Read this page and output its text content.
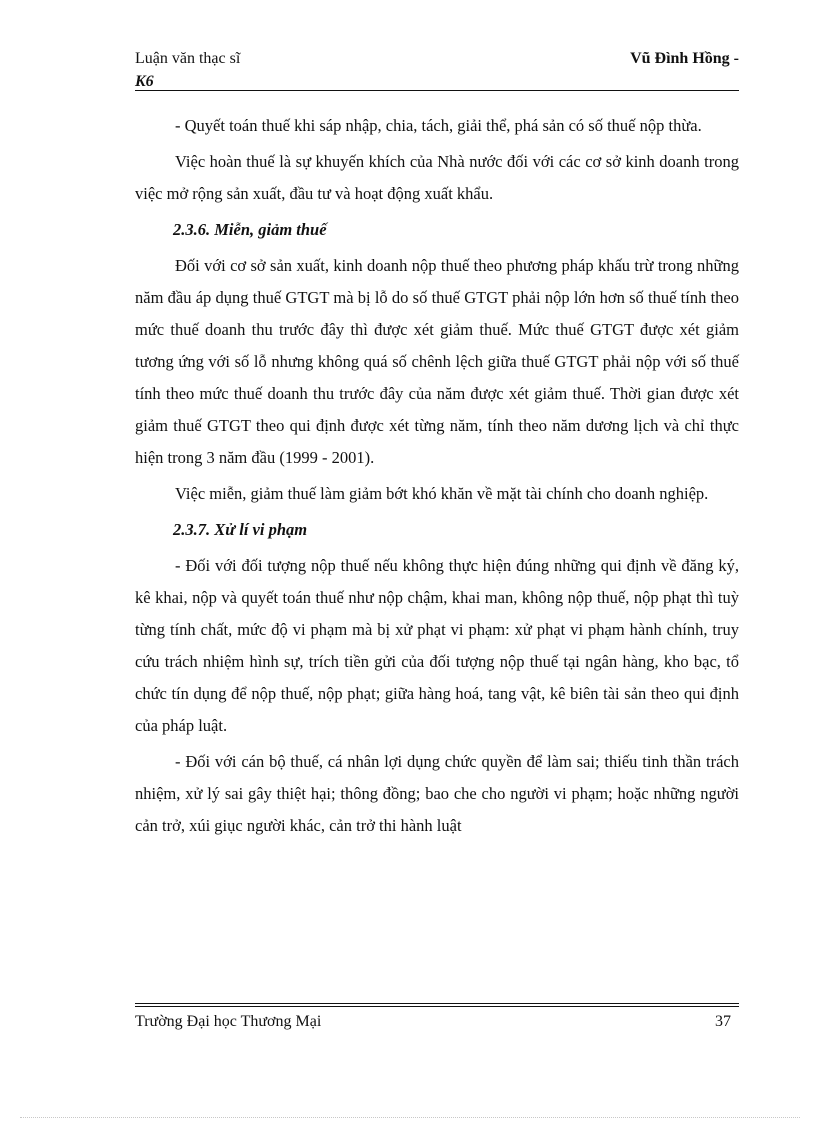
Luận văn thạc sĩ	Vũ Đình Hồng -
K6

- Quyết toán thuế khi sáp nhập, chia, tách, giải thể, phá sản có số thuế nộp thừa.

Việc hoàn thuế là sự khuyến khích của Nhà nước đối với các cơ sở kinh doanh trong việc mở rộng sản xuất, đầu tư và hoạt động xuất khẩu.

2.3.6. Miễn, giảm thuế

Đối với cơ sở sản xuất, kinh doanh nộp thuế theo phương pháp khấu trừ trong những năm đầu áp dụng thuế GTGT mà bị lỗ do số thuế GTGT phải nộp lớn hơn số thuế tính theo mức thuế doanh thu trước đây thì được xét giảm thuế. Mức thuế GTGT được xét giảm tương ứng với số lỗ nhưng không quá số chênh lệch giữa thuế GTGT phải nộp với số thuế tính theo mức thuế doanh thu trước đây của năm được xét giảm thuế. Thời gian được xét giảm thuế GTGT theo qui định được xét từng năm, tính theo năm dương lịch và chỉ thực hiện trong 3 năm đầu (1999 - 2001).

Việc miễn, giảm thuế làm giảm bớt khó khăn về mặt tài chính cho doanh nghiệp.

2.3.7. Xử lí vi phạm

- Đối với đối tượng nộp thuế nếu không thực hiện đúng những qui định về đăng ký, kê khai, nộp và quyết toán thuế như nộp chậm, khai man, không nộp thuế, nộp phạt thì tuỳ từng tính chất, mức độ vi phạm mà bị xử phạt vi phạm: xử phạt vi phạm hành chính, truy cứu trách nhiệm hình sự, trích tiền gửi của đối tượng nộp thuế tại ngân hàng, kho bạc, tổ chức tín dụng để nộp thuế, nộp phạt; giữa hàng hoá, tang vật, kê biên tài sản theo qui định của pháp luật.

- Đối với cán bộ thuế, cá nhân lợi dụng chức quyền để làm sai; thiếu tinh thần trách nhiệm, xử lý sai gây thiệt hại; thông đồng; bao che cho người vi phạm; hoặc những người cản trở, xúi giục người khác, cản trở thi hành luật

Trường Đại học Thương Mại	37
